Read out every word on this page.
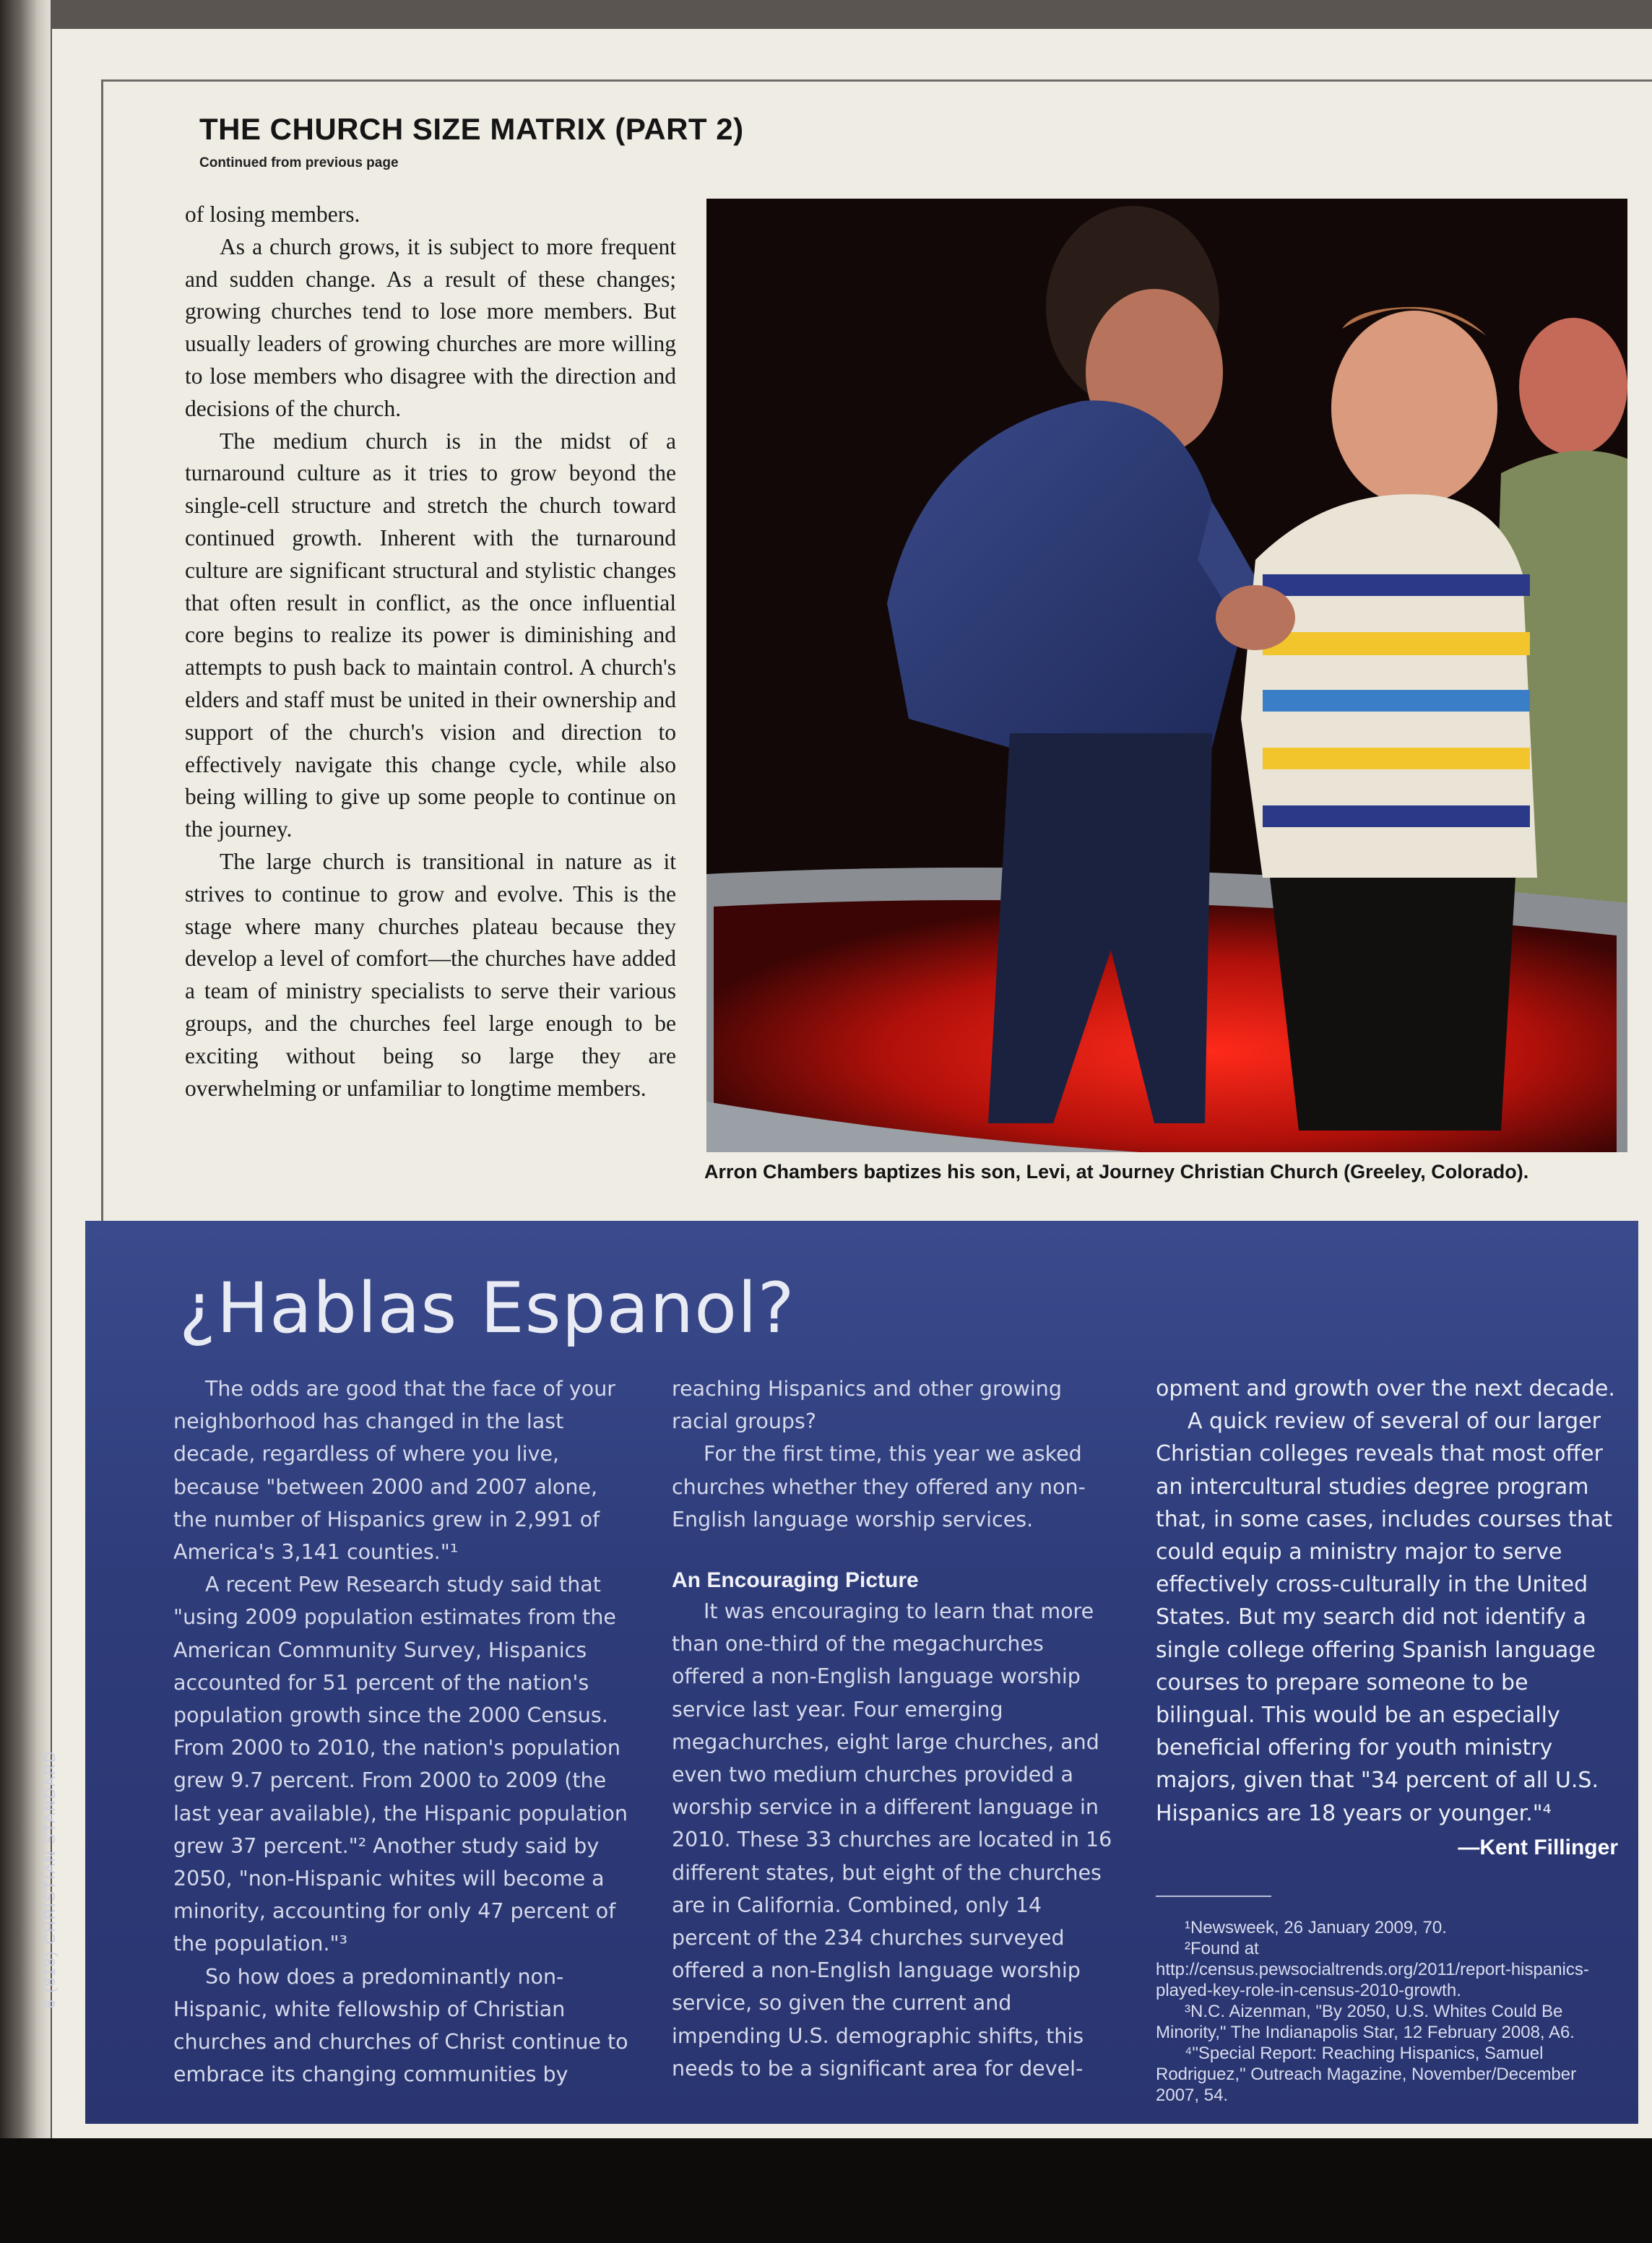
THE CHURCH SIZE MATRIX (PART 2)
Continued from previous page

of losing members.

As a church grows, it is subject to more frequent and sudden change. As a result of these changes; growing churches tend to lose more members. But usually leaders of growing churches are more willing to lose members who disagree with the direction and decisions of the church.

The medium church is in the midst of a turnaround culture as it tries to grow beyond the single-cell structure and stretch the church toward continued growth. Inherent with the turnaround culture are significant structural and stylistic changes that often result in conflict, as the once influential core begins to realize its power is diminishing and attempts to push back to maintain control. A church's elders and staff must be united in their ownership and support of the church's vision and direction to effectively navigate this change cycle, while also being willing to give up some people to continue on the journey.

The large church is transitional in nature as it strives to continue to grow and evolve. This is the stage where many churches plateau because they develop a level of comfort—the churches have added a team of ministry specialists to serve their various groups, and the churches feel large enough to be exciting without being so large they are overwhelming or unfamiliar to longtime members.

Arron Chambers baptizes his son, Levi, at Journey Christian Church (Greeley, Colorado).
6 (818) CHRISTIAN STANDARD
¿Hablas Espanol?

The odds are good that the face of your neighborhood has changed in the last decade, regardless of where you live, because "between 2000 and 2007 alone, the number of Hispanics grew in 2,991 of America's 3,141 counties."¹

A recent Pew Research study said that "using 2009 population estimates from the American Community Survey, Hispanics accounted for 51 percent of the nation's population growth since the 2000 Census. From 2000 to 2010, the nation's population grew 9.7 percent. From 2000 to 2009 (the last year available), the Hispanic population grew 37 percent."² Another study said by 2050, "non-Hispanic whites will become a minority, accounting for only 47 percent of the population."³

So how does a predominantly non-Hispanic, white fellowship of Christian churches and churches of Christ continue to embrace its changing communities by

reaching Hispanics and other growing racial groups?

For the first time, this year we asked churches whether they offered any non-English language worship services.

An Encouraging Picture

It was encouraging to learn that more than one-third of the megachurches offered a non-English language worship service last year. Four emerging megachurches, eight large churches, and even two medium churches provided a worship service in a different language in 2010. These 33 churches are located in 16 different states, but eight of the churches are in California. Combined, only 14 percent of the 234 churches surveyed offered a non-English language worship service, so given the current and impending U.S. demographic shifts, this needs to be a significant area for devel-

opment and growth over the next decade.

A quick review of several of our larger Christian colleges reveals that most offer an intercultural studies degree program that, in some cases, includes courses that could equip a ministry major to serve effectively cross-culturally in the United States. But my search did not identify a single college offering Spanish language courses to prepare someone to be bilingual. This would be an especially beneficial offering for youth ministry majors, given that "34 percent of all U.S. Hispanics are 18 years or younger."⁴

—Kent Fillinger

¹Newsweek, 26 January 2009, 70.

²Found at http://census.pewsocialtrends.org/2011/report-hispanics-played-key-role-in-census-2010-growth.

³N.C. Aizenman, "By 2050, U.S. Whites Could Be Minority," The Indianapolis Star, 12 February 2008, A6.

⁴"Special Report: Reaching Hispanics, Samuel Rodriguez," Outreach Magazine, November/December 2007, 54.
